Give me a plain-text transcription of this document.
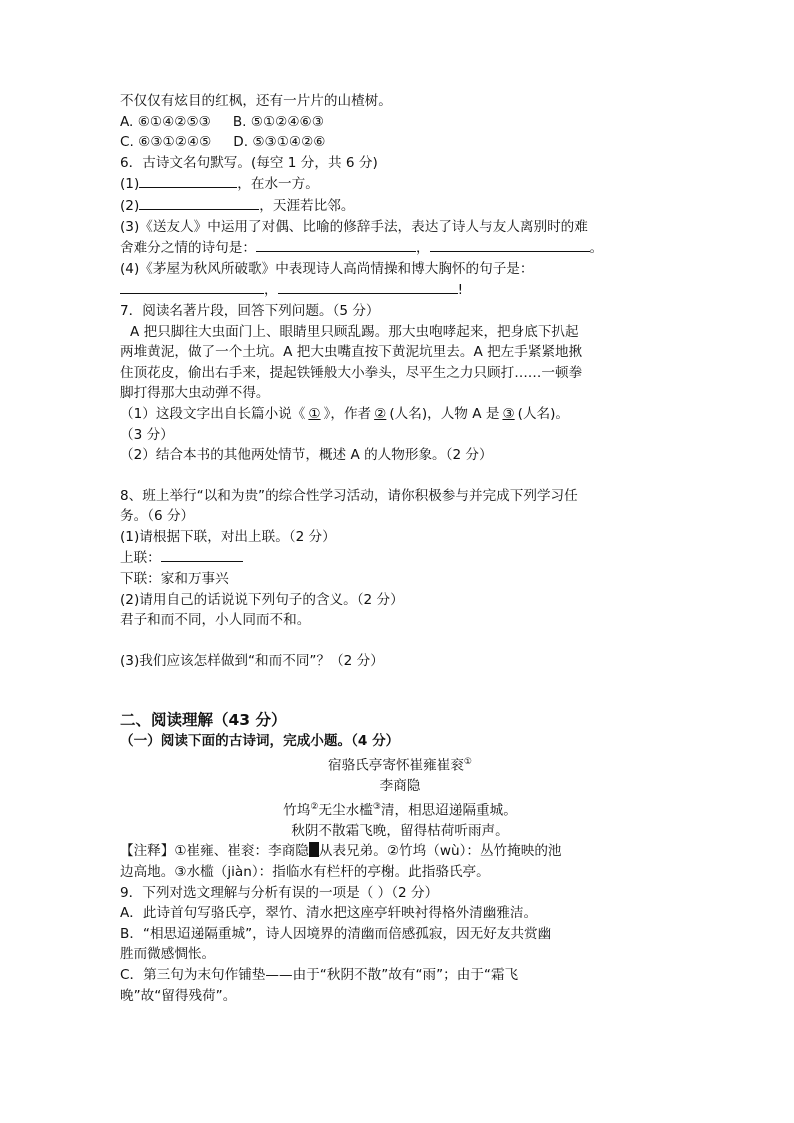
不仅仅有炫目的红枫，还有一片片的山楂树。
A. ⑥①④②⑤③ B. ⑤①②④⑥③
C. ⑥③①②④⑤ D. ⑤③①④②⑥
6．古诗文名句默写。(每空 1 分，共 6 分)
(1)	，在水一方。
(2)	，天涯若比邻。
(3)《送友人》中运用了对偶、比喻的修辞手法，表达了诗人与友人离别时的难
舍难分之情的诗句是：	，	。
(4)《茅屋为秋风所破歌》中表现诗人高尚情操和博大胸怀的句子是：
，	!
7．阅读名著片段，回答下列问题。（5 分）
A 把只脚往大虫面门上、眼睛里只顾乱踢。那大虫咆哮起来，把身底下扒起
两堆黄泥，做了一个土坑。A 把大虫嘴直按下黄泥坑里去。A 把左手紧紧地揪
住顶花皮，偷出右手来，提起铁锤般大小拳头，尽平生之力只顾打……一顿拳
脚打得那大虫动弹不得。
（1）这段文字出自长篇小说《 ① 》，作者 ② (人名)，人物 A 是 ③ (人名)。
（3 分）
（2）结合本书的其他两处情节，概述 A 的人物形象。（2 分）
8、班上举行“以和为贵”的综合性学习活动，请你积极参与并完成下列学习任
务。（6 分）
(1)请根据下联，对出上联。（2 分）
上联：
下联：家和万事兴
(2)请用自己的话说说下列句子的含义。（2 分）
君子和而不同，小人同而不和。
(3)我们应该怎样做到“和而不同”？（2 分）
二、阅读理解（43 分）
（一）阅读下面的古诗词，完成小题。（4 分）
宿骆氏亭寄怀崔雍崔衮①
李商隐
竹坞②无尘水槛③清，相思迢递隔重城。
秋阴不散霜飞晚，留得枯荷听雨声。
【注释】①崔雍、崔衮：李商隐 从表兄弟。②竹坞（wù）：丛竹掩映的池
边高地。③水槛（jiàn）：指临水有栏杆的亭榭。此指骆氏亭。
9．下列对选文理解与分析有误的一项是（ ）（2 分）
A．此诗首句写骆氏亭，翠竹、清水把这座亭轩映衬得格外清幽雅洁。
B．“相思迢递隔重城”，诗人因境界的清幽而倍感孤寂，因无好友共赏幽
胜而微感惆怅。
C．第三句为末句作铺垫——由于“秋阴不散”故有“雨”；由于“霜飞
晚”故“留得残荷”。
